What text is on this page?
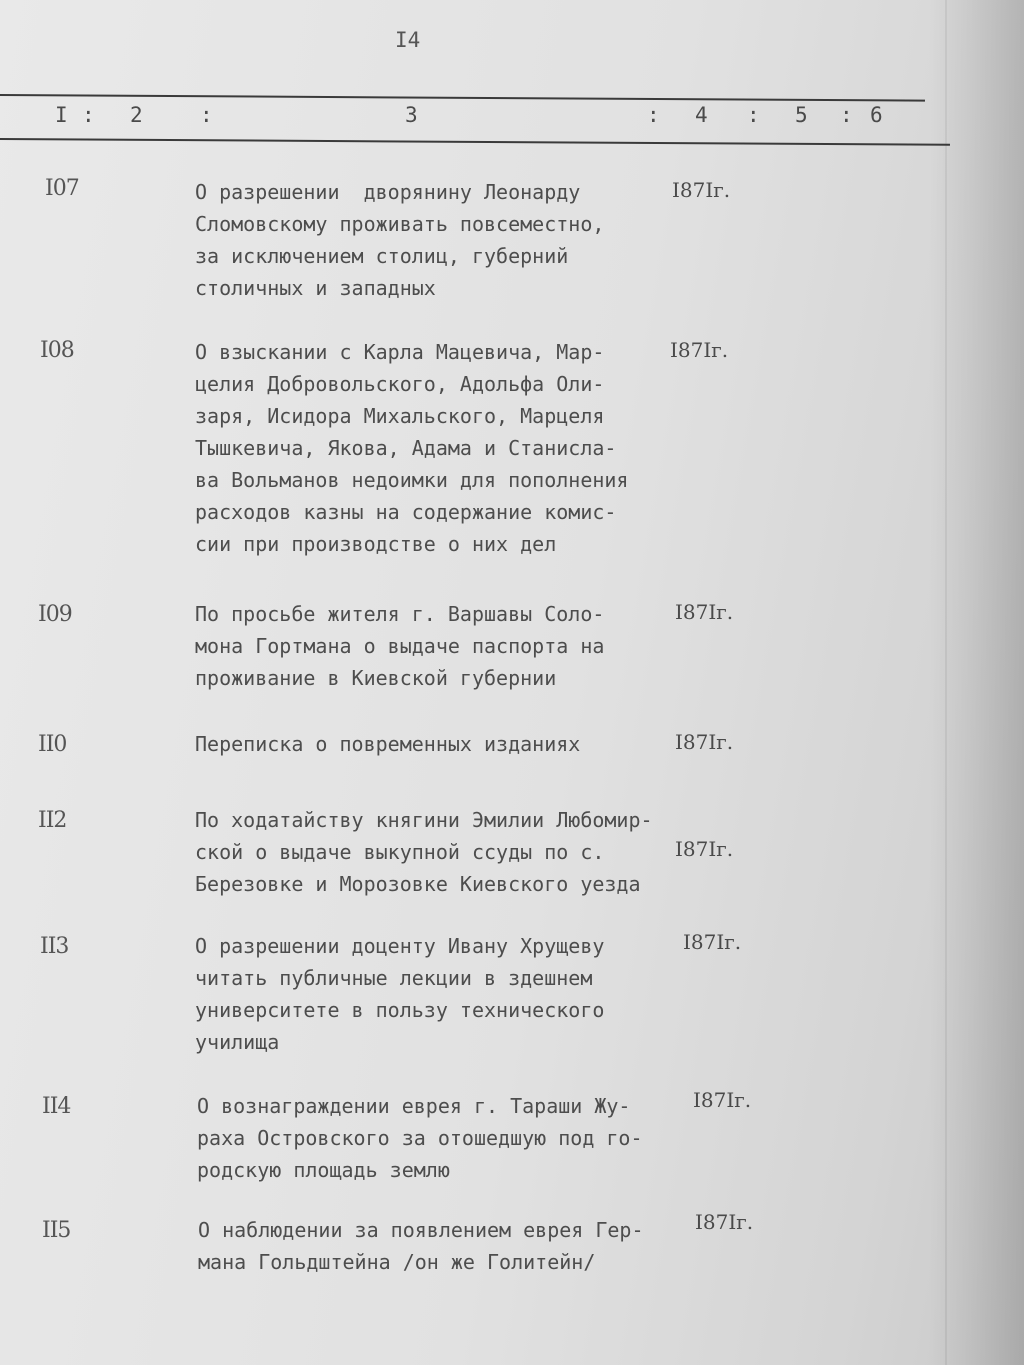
I4
I : 2	:	3	: 4 : 5 : 6
I07	О разрешении  дворянину Леонарду
Сломовскому проживать повсеместно,
за исключением столиц, губерний
столичных и западных
I87Iг.
I08	О взыскании с Карла Мацевича, Мар-
целия Добровольского, Адольфа Оли-
заря, Исидора Михальского, Марцеля
Тышкевича, Якова, Адама и Станисла-
ва Вольманов недоимки для пополнения
расходов казны на содержание комис-
сии при производстве о них дел
I87Iг.
I09	По просьбе жителя г. Варшавы Соло-
мона Гортмана о выдаче паспорта на
проживание в Киевской губернии
I87Iг.
II0	Переписка о повременных изданиях	I87Iг.
II2	По ходатайству княгини Эмилии Любомир-
ской о выдаче выкупной ссуды по с.
Березовке и Морозовке Киевского уезда
I87Iг.
II3	О разрешении доценту Ивану Хрущеву
читать публичные лекции в здешнем
университете в пользу технического
училища
I87Iг.
II4	О вознаграждении еврея г. Тараши Жу-
раха Островского за отошедшую под го-
родскую площадь землю
I87Iг.
II5	О наблюдении за появлением еврея Гер-
мана Гольдштейна /он же Голитейн/
I87Iг.
